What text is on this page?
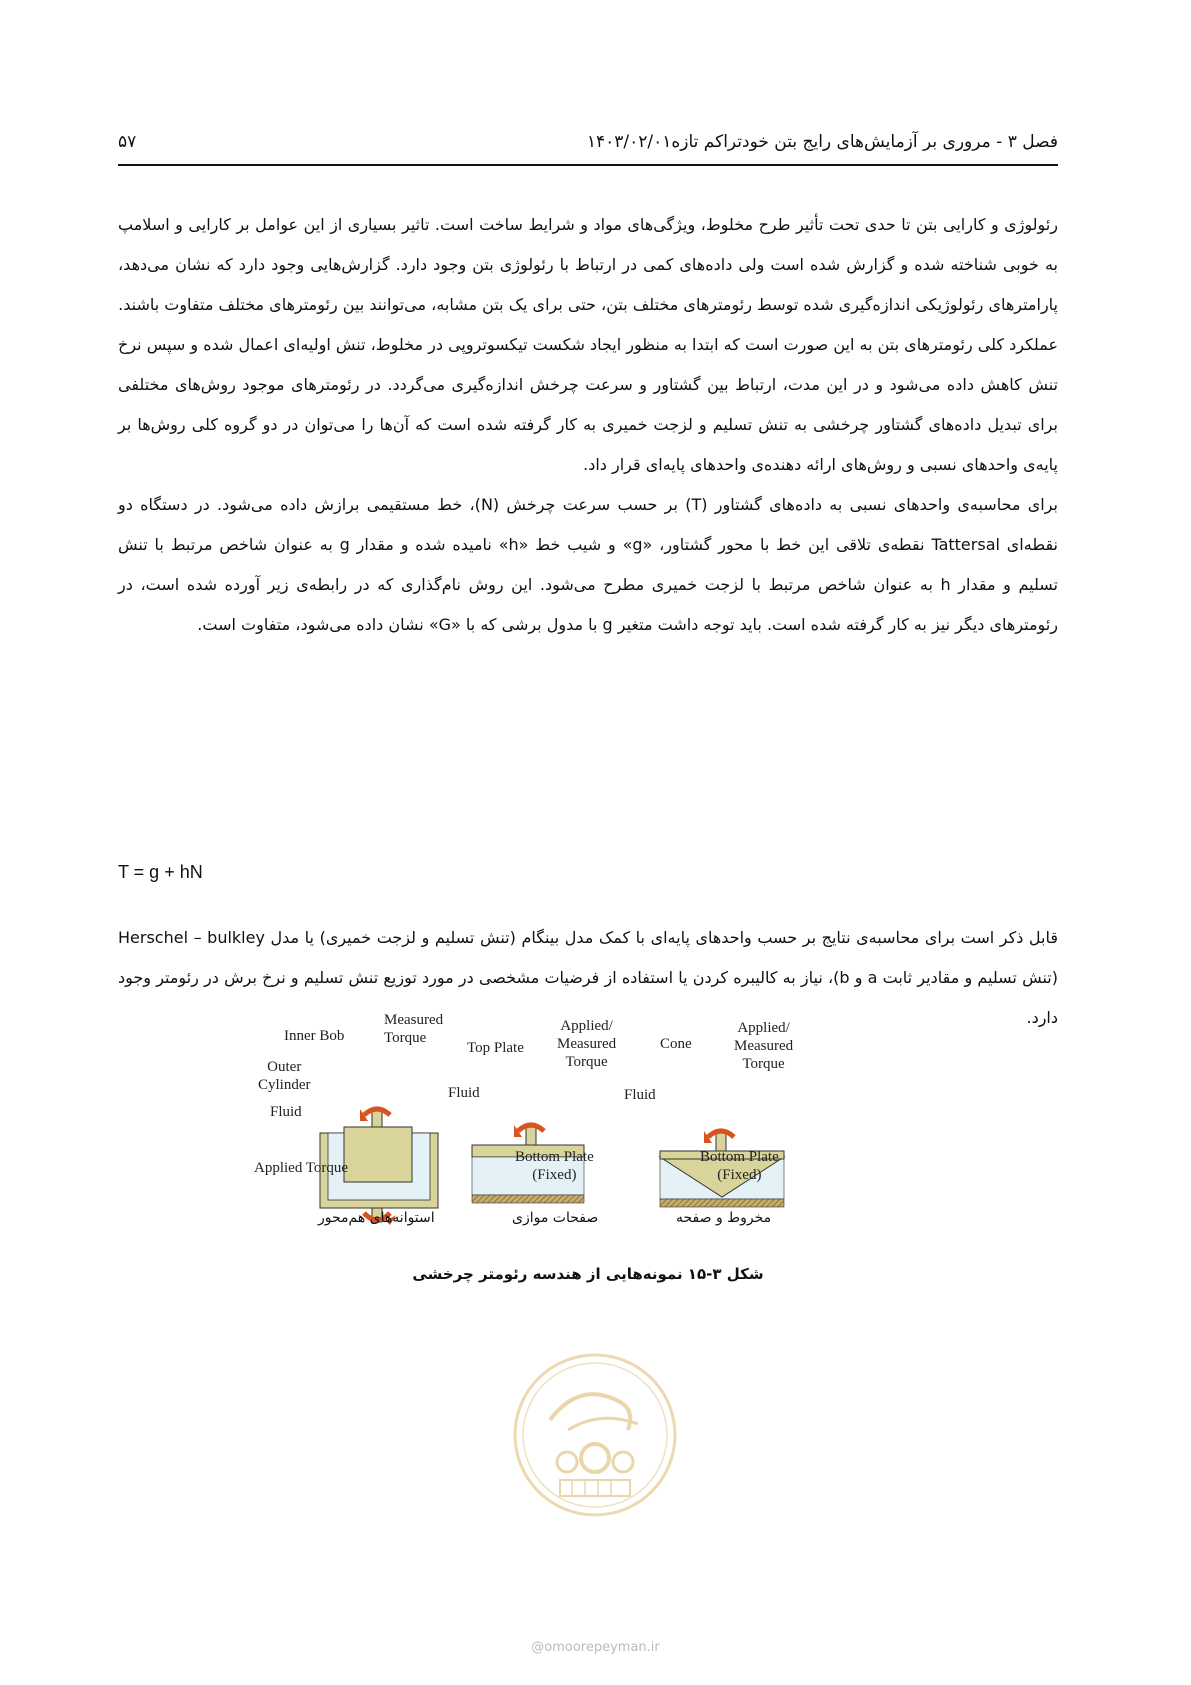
فصل ۳ - مروری بر آزمایش‌های رایج بتن خودتراکم تازه۱۴۰۳/۰۲/۰۱
۵۷

رئولوژی و کارایی بتن تا حدی تحت تأثیر طرح مخلوط، ویژگی‌های مواد و شرایط ساخت است. تاثیر بسیاری از این عوامل بر کارایی و اسلامپ به خوبی شناخته شده و گزارش شده است ولی داده‌های کمی در ارتباط با رئولوژی بتن وجود دارد. گزارش‌هایی وجود دارد که نشان می‌دهد، پارامترهای رئولوژیکی اندازه‌گیری شده توسط رئومترهای مختلف بتن، حتی برای یک بتن مشابه، می‌توانند بین رئومترهای مختلف متفاوت باشند.

عملکرد کلی رئومترهای بتن به این صورت است که ابتدا به منظور ایجاد شکست تیکسوتروپی در مخلوط، تنش اولیه‌ای اعمال شده و سپس نرخ تنش کاهش داده می‌شود و در این مدت، ارتباط بین گشتاور و سرعت چرخش اندازه‌گیری می‌گردد. در رئومترهای موجود روش‌های مختلفی برای تبدیل داده‌های گشتاور چرخشی به تنش تسلیم و لزجت خمیری به کار گرفته شده است که آن‌ها را می‌توان در دو گروه کلی روش‌ها بر پایه‌ی واحدهای نسبی و روش‌های ارائه دهنده‌ی واحدهای پایه‌ای قرار داد.

برای محاسبه‌ی واحدهای نسبی به داده‌های گشتاور (T) بر حسب سرعت چرخش (N)، خط مستقیمی برازش داده می‌شود. در دستگاه دو نقطه‌ای Tattersal نقطه‌ی تلاقی این خط با محور گشتاور، «g» و شیب خط «h» نامیده شده و مقدار g به عنوان شاخص مرتبط با تنش تسلیم و مقدار h به عنوان شاخص مرتبط با لزجت خمیری مطرح می‌شود. این روش نام‌گذاری که در رابطه‌ی زیر آورده شده است، در رئومترهای دیگر نیز به کار گرفته شده است. باید توجه داشت متغیر g با مدول برشی که با «G» نشان داده می‌شود، متفاوت است.

T = g + hN

قابل ذکر است برای محاسبه‌ی نتایج بر حسب واحدهای پایه‌ای با کمک مدل بینگام (تنش تسلیم و لزجت خمیری) یا مدل Herschel – bulkley (تنش تسلیم و مقادیر ثابت a و b)، نیاز به کالیبره کردن یا استفاده از فرضیات مشخصی در مورد توزیع تنش تسلیم و نرخ برش در رئومتر وجود دارد.

Measured
Torque
Inner Bob
Outer
Cylinder
Fluid
Applied Torque
Applied/
Measured
Torque
Top Plate
Fluid
Bottom Plate
(Fixed)
Applied/
Measured
Torque
Cone
Fluid
Bottom Plate
(Fixed)
استوانه‌های هم‌محور	صفحات موازی	مخروط و صفحه
شکل ۳-۱۵ نمونه‌هایی از هندسه رئومتر چرخشی
@omoorepeyman.ir
